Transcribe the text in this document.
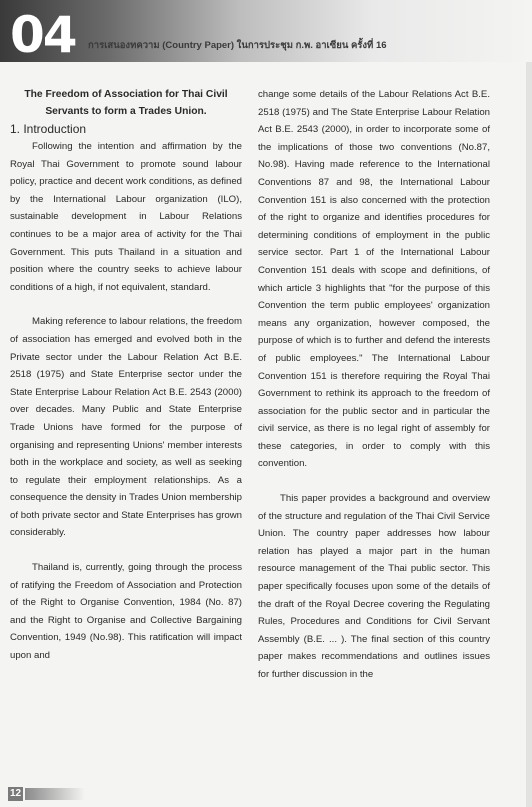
04 การเสนองทความ (Country Paper) ในการประชุม ก.พ. อาเซียน ครั้งที่ 16

The Freedom of Association for Thai Civil Servants to form a Trades Union.

1. Introduction

Following the intention and affirmation by the Royal Thai Government to promote sound labour policy, practice and decent work conditions, as defined by the International Labour organization (ILO), sustainable development in Labour Relations continues to be a major area of activity for the Thai Government. This puts Thailand in a situation and position where the country seeks to achieve labour conditions of a high, if not equivalent, standard.

Making reference to labour relations, the freedom of association has emerged and evolved both in the Private sector under the Labour Relation Act B.E. 2518 (1975) and State Enterprise sector under the State Enterprise Labour Relation Act B.E. 2543 (2000) over decades. Many Public and State Enterprise Trade Unions have formed for the purpose of organising and representing Unions' member interests both in the workplace and society, as well as seeking to regulate their employment relationships. As a consequence the density in Trades Union membership of both private sector and State Enterprises has grown considerably.

Thailand is, currently, going through the process of ratifying the Freedom of Association and Protection of the Right to Organise Convention, 1984 (No. 87) and the Right to Organise and Collective Bargaining Convention, 1949 (No.98). This ratification will impact upon and

change some details of the Labour Relations Act B.E. 2518 (1975) and The State Enterprise Labour Relation Act B.E. 2543 (2000), in order to incorporate some of the implications of those two conventions (No.87, No.98). Having made reference to the International Conventions 87 and 98, the International Labour Convention 151 is also concerned with the protection of the right to organize and identifies procedures for determining conditions of employment in the public service sector. Part 1 of the International Labour Convention 151 deals with scope and definitions, of which article 3 highlights that "for the purpose of this Convention the term public employees' organization means any organization, however composed, the purpose of which is to further and defend the interests of public employees." The International Labour Convention 151 is therefore requiring the Royal Thai Government to rethink its approach to the freedom of association for the public sector and in particular the civil service, as there is no legal right of assembly for these categories, in order to comply with this convention.

This paper provides a background and overview of the structure and regulation of the Thai Civil Service Union. The country paper addresses how labour relation has played a major part in the human resource management of the Thai public sector. This paper specifically focuses upon some of the details of the draft of the Royal Decree covering the Regulating Rules, Procedures and Conditions for Civil Servant Assembly (B.E. ... ). The final section of this country paper makes recommendations and outlines issues for further discussion in the

12
